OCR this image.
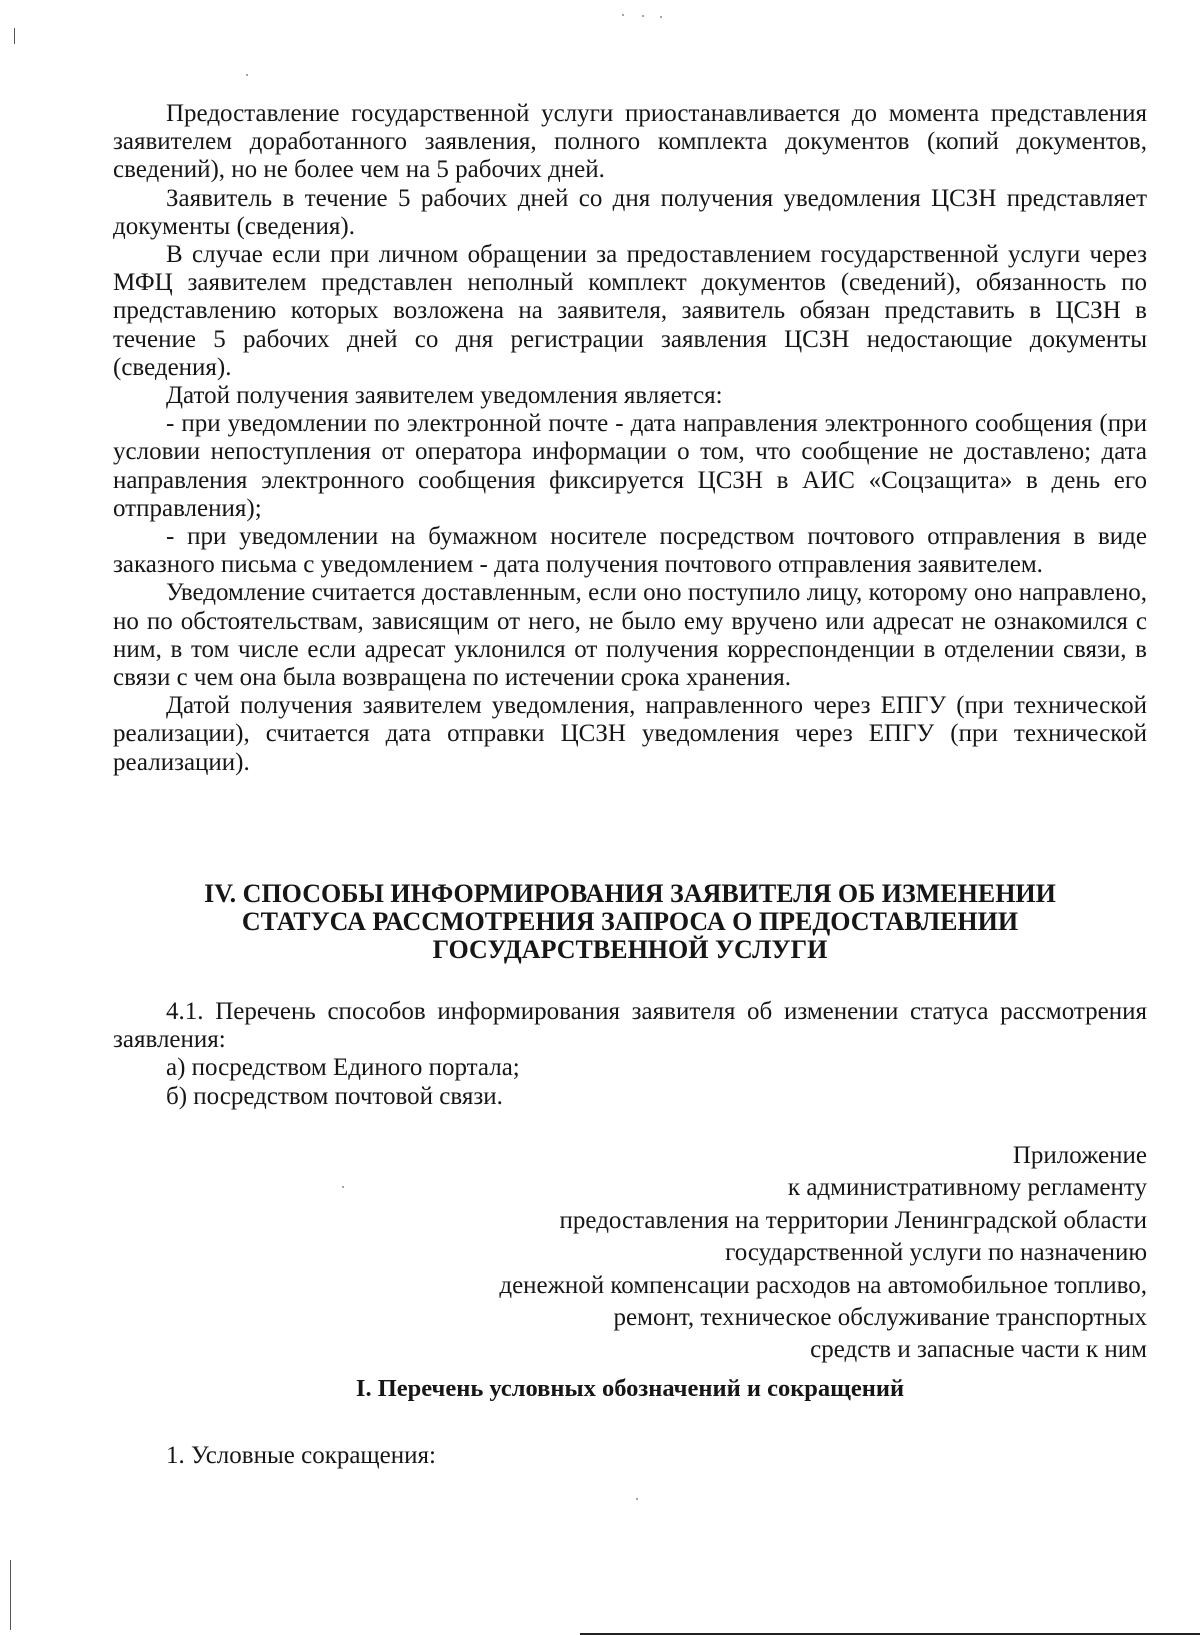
Предоставление государственной услуги приостанавливается до момента представления заявителем доработанного заявления, полного комплекта документов (копий документов, сведений), но не более чем на 5 рабочих дней.

Заявитель в течение 5 рабочих дней со дня получения уведомления ЦСЗН представляет документы (сведения).

В случае если при личном обращении за предоставлением государственной услуги через МФЦ заявителем представлен неполный комплект документов (сведений), обязанность по представлению которых возложена на заявителя, заявитель обязан представить в ЦСЗН в течение 5 рабочих дней со дня регистрации заявления ЦСЗН недостающие документы (сведения).

Датой получения заявителем уведомления является:

- при уведомлении по электронной почте - дата направления электронного сообщения (при условии непоступления от оператора информации о том, что сообщение не доставлено; дата направления электронного сообщения фиксируется ЦСЗН в АИС «Соцзащита» в день его отправления);

- при уведомлении на бумажном носителе посредством почтового отправления в виде заказного письма с уведомлением - дата получения почтового отправления заявителем.

Уведомление считается доставленным, если оно поступило лицу, которому оно направлено, но по обстоятельствам, зависящим от него, не было ему вручено или адресат не ознакомился с ним, в том числе если адресат уклонился от получения корреспонденции в отделении связи, в связи с чем она была возвращена по истечении срока хранения.

Датой получения заявителем уведомления, направленного через ЕПГУ (при технической реализации), считается дата отправки ЦСЗН уведомления через ЕПГУ (при технической реализации).

IV. СПОСОБЫ ИНФОРМИРОВАНИЯ ЗАЯВИТЕЛЯ ОБ ИЗМЕНЕНИИ
СТАТУСА РАССМОТРЕНИЯ ЗАПРОСА О ПРЕДОСТАВЛЕНИИ
ГОСУДАРСТВЕННОЙ УСЛУГИ

4.1. Перечень способов информирования заявителя об изменении статуса рассмотрения заявления:

а) посредством Единого портала;

б) посредством почтовой связи.

Приложение
к административному регламенту
предоставления на территории Ленинградской области
государственной услуги по назначению
денежной компенсации расходов на автомобильное топливо,
ремонт, техническое обслуживание транспортных
средств и запасные части к ним
I. Перечень условных обозначений и сокращений

1. Условные сокращения:
